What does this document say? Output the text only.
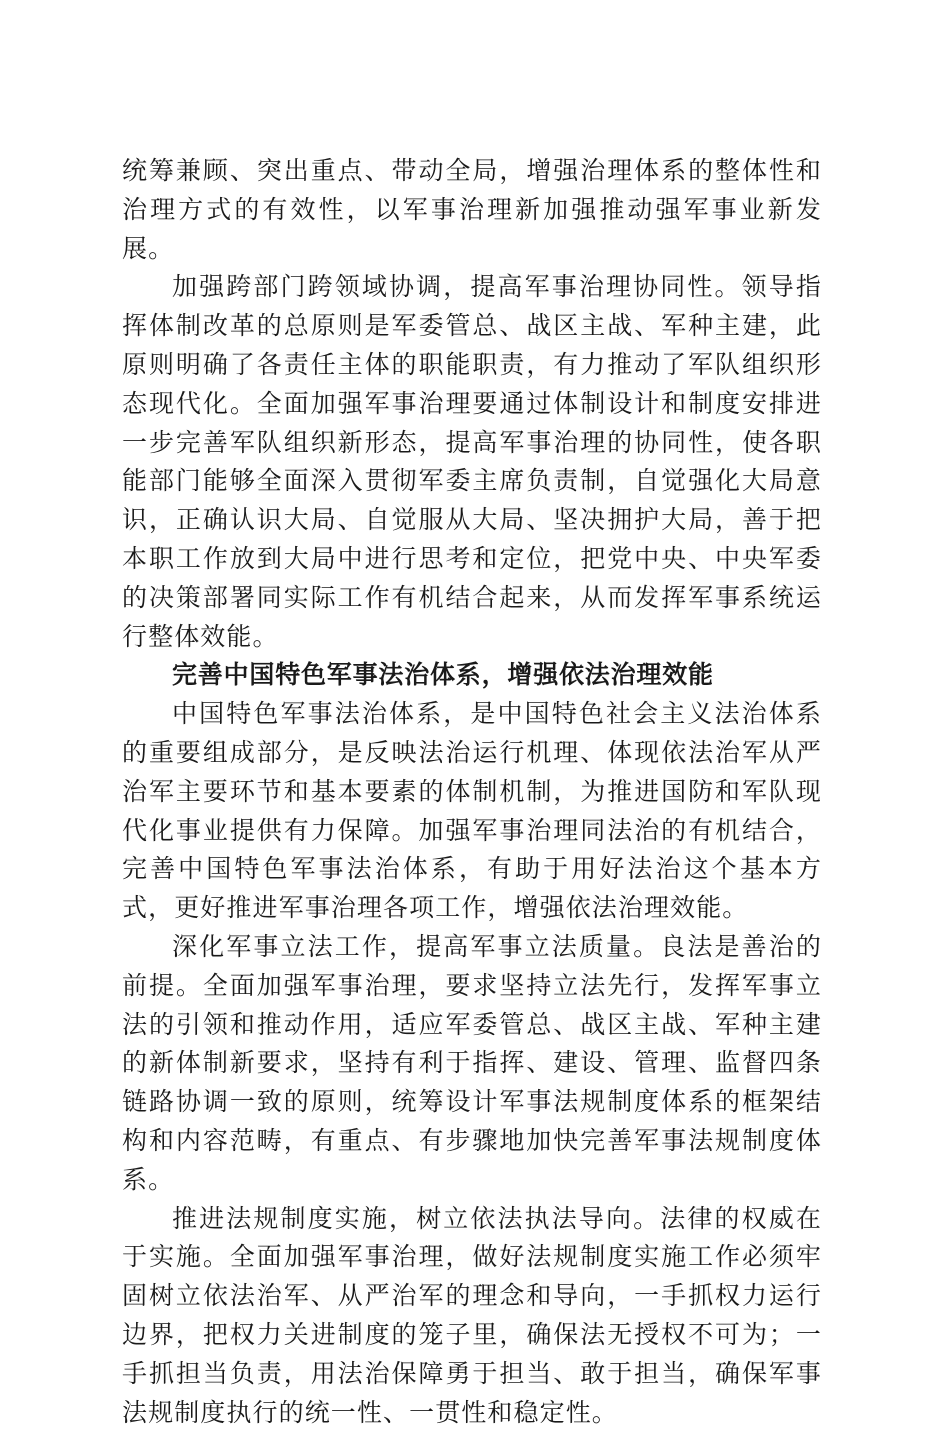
统筹兼顾、突出重点、带动全局，增强治理体系的整体性和治理方式的有效性，以军事治理新加强推动强军事业新发展。

加强跨部门跨领域协调，提高军事治理协同性。领导指挥体制改革的总原则是军委管总、战区主战、军种主建，此原则明确了各责任主体的职能职责，有力推动了军队组织形态现代化。全面加强军事治理要通过体制设计和制度安排进一步完善军队组织新形态，提高军事治理的协同性，使各职能部门能够全面深入贯彻军委主席负责制，自觉强化大局意识，正确认识大局、自觉服从大局、坚决拥护大局，善于把本职工作放到大局中进行思考和定位，把党中央、中央军委的决策部署同实际工作有机结合起来，从而发挥军事系统运行整体效能。

完善中国特色军事法治体系，增强依法治理效能

中国特色军事法治体系，是中国特色社会主义法治体系的重要组成部分，是反映法治运行机理、体现依法治军从严治军主要环节和基本要素的体制机制，为推进国防和军队现代化事业提供有力保障。加强军事治理同法治的有机结合，完善中国特色军事法治体系，有助于用好法治这个基本方式，更好推进军事治理各项工作，增强依法治理效能。

深化军事立法工作，提高军事立法质量。良法是善治的前提。全面加强军事治理，要求坚持立法先行，发挥军事立法的引领和推动作用，适应军委管总、战区主战、军种主建的新体制新要求，坚持有利于指挥、建设、管理、监督四条链路协调一致的原则，统筹设计军事法规制度体系的框架结构和内容范畴，有重点、有步骤地加快完善军事法规制度体系。

推进法规制度实施，树立依法执法导向。法律的权威在于实施。全面加强军事治理，做好法规制度实施工作必须牢固树立依法治军、从严治军的理念和导向，一手抓权力运行边界，把权力关进制度的笼子里，确保法无授权不可为；一手抓担当负责，用法治保障勇于担当、敢于担当，确保军事法规制度执行的统一性、一贯性和稳定性。
